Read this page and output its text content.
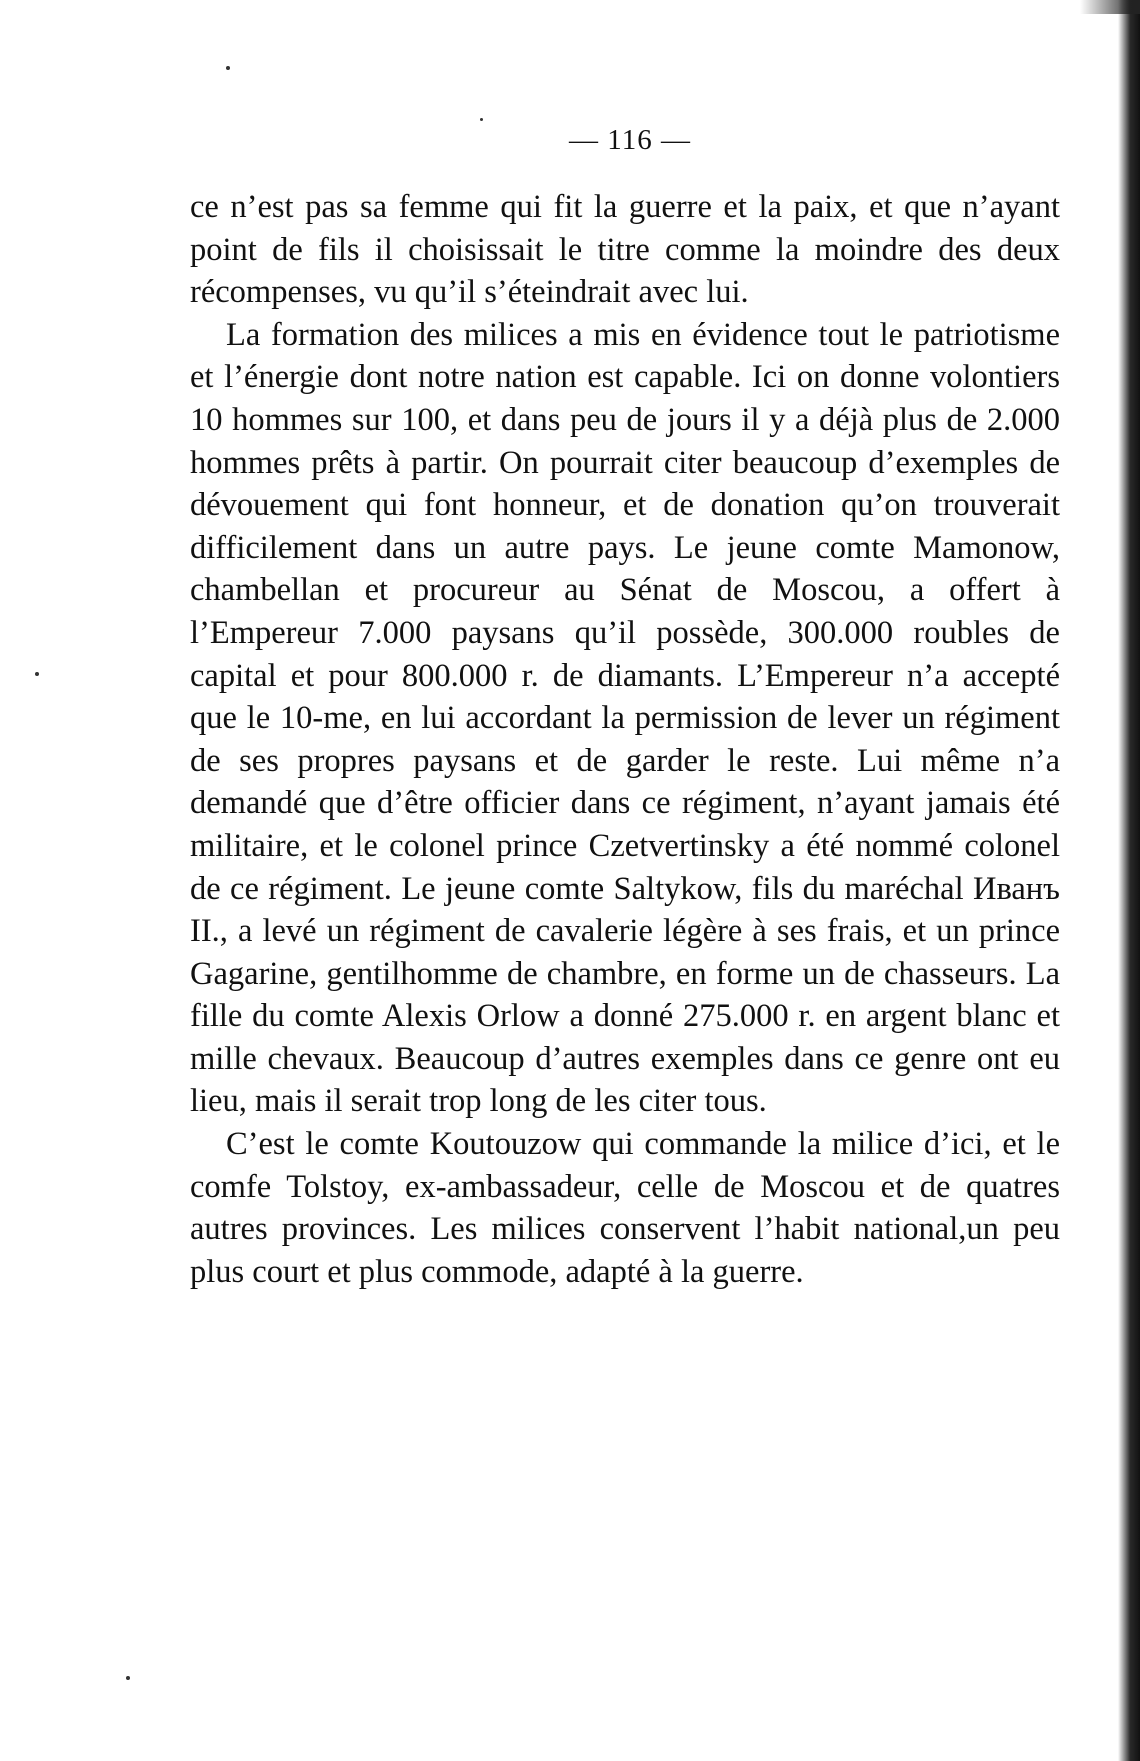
— 116 —

ce n’est pas sa femme qui fit la guerre et la paix, et que n’ayant point de fils il choisissait le titre comme la moindre des deux récompenses, vu qu’il s’éteindrait avec lui.

La formation des milices a mis en évidence tout le patriotisme et l’énergie dont notre nation est capable. Ici on donne volontiers 10 hommes sur 100, et dans peu de jours il y a déjà plus de 2.000 hommes prêts à partir. On pourrait citer beaucoup d’exemples de dévouement qui font honneur, et de donation qu’on trouverait difficilement dans un autre pays. Le jeune comte Mamonow, chambellan et procureur au Sénat de Moscou, a offert à l’Empereur 7.000 paysans qu’il possède, 300.000 roubles de capital et pour 800.000 r. de diamants. L’Empereur n’a accepté que le 10-me, en lui accordant la permission de lever un régiment de ses propres paysans et de garder le reste. Lui même n’a demandé que d’être officier dans ce régiment, n’ayant jamais été militaire, et le colonel prince Czetvertinsky a été nommé colonel de ce régiment. Le jeune comte Saltykow, fils du maréchal Иванъ II., a levé un régiment de cavalerie légère à ses frais, et un prince Gagarine, gentilhomme de chambre, en forme un de chasseurs. La fille du comte Alexis Orlow a donné 275.000 r. en argent blanc et mille chevaux. Beaucoup d’autres exemples dans ce genre ont eu lieu, mais il serait trop long de les citer tous.

C’est le comte Koutouzow qui commande la milice d’ici, et le comfe Tolstoy, ex-ambassadeur, celle de Moscou et de quatres autres provinces. Les milices conservent l’habit national,un peu plus court et plus commode, adapté à la guerre.
